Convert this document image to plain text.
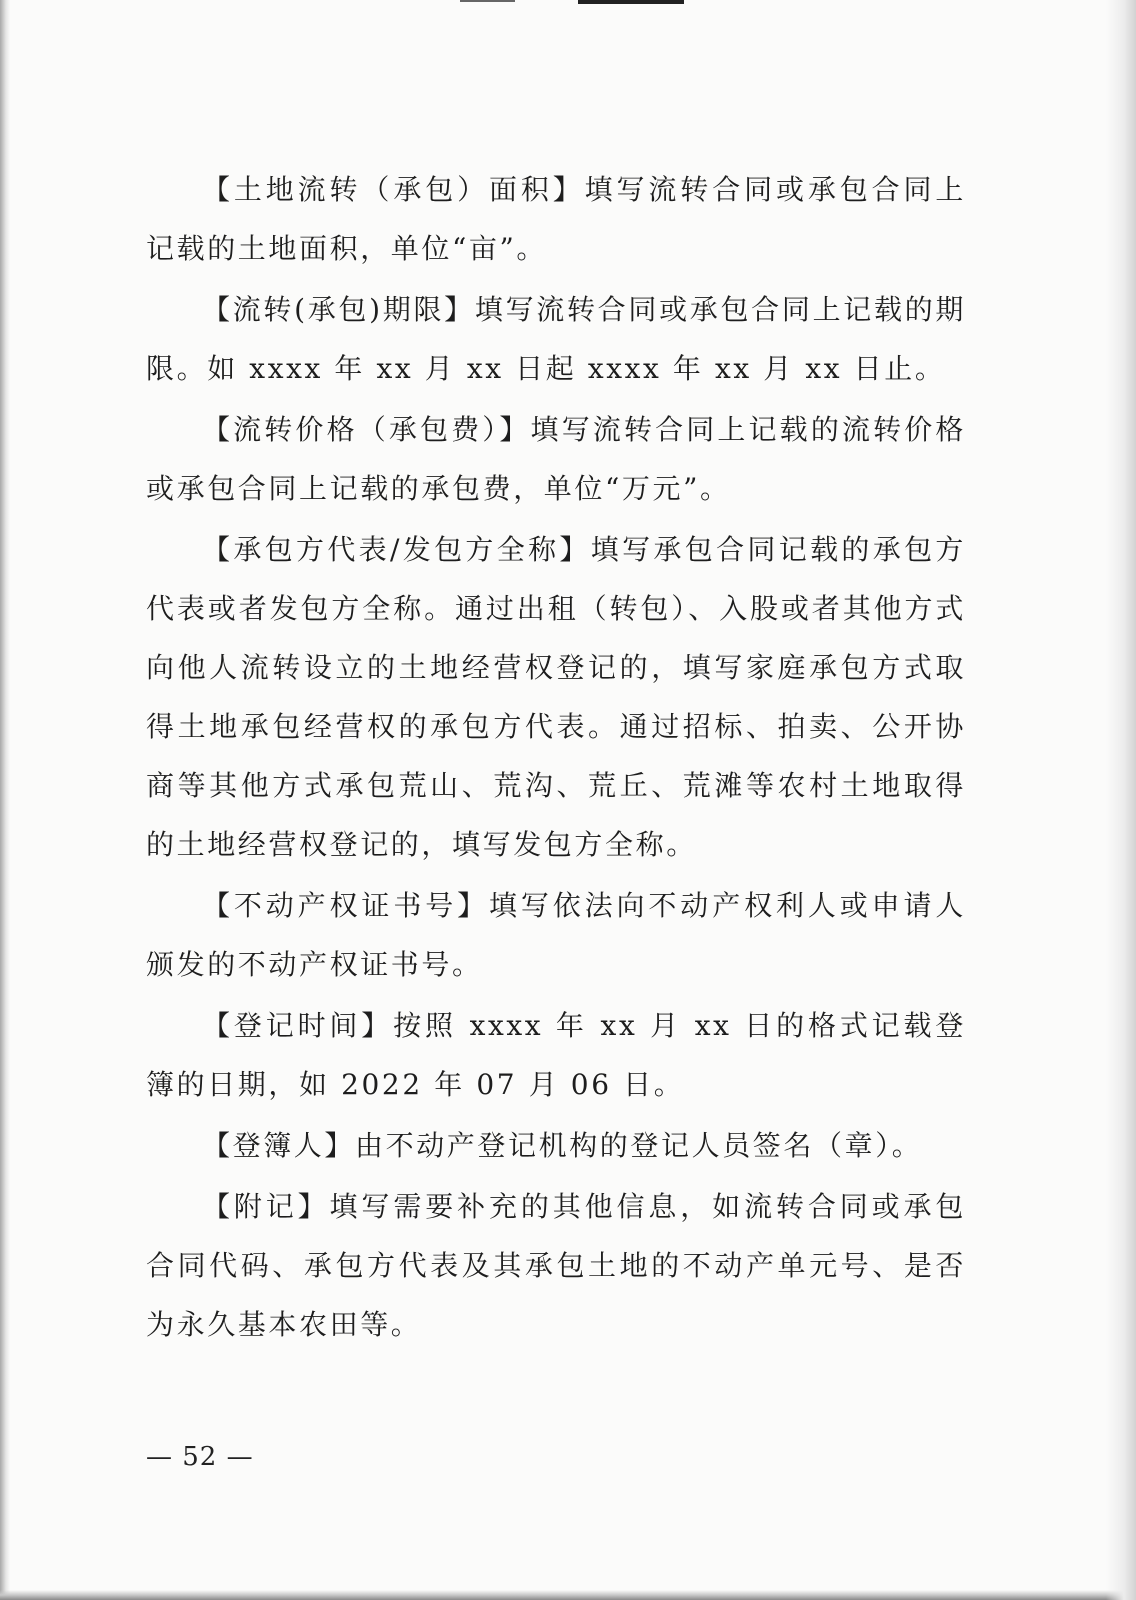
【土地流转（承包）面积】填写流转合同或承包合同上记载的土地面积，单位“亩”。

【流转(承包)期限】填写流转合同或承包合同上记载的期限。如 xxxx 年 xx 月 xx 日起 xxxx 年 xx 月 xx 日止。

【流转价格（承包费）】填写流转合同上记载的流转价格或承包合同上记载的承包费，单位“万元”。

【承包方代表/发包方全称】填写承包合同记载的承包方代表或者发包方全称。通过出租（转包）、入股或者其他方式向他人流转设立的土地经营权登记的，填写家庭承包方式取得土地承包经营权的承包方代表。通过招标、拍卖、公开协商等其他方式承包荒山、荒沟、荒丘、荒滩等农村土地取得的土地经营权登记的，填写发包方全称。

【不动产权证书号】填写依法向不动产权利人或申请人颁发的不动产权证书号。

【登记时间】按照 xxxx 年 xx 月 xx 日的格式记载登簿的日期，如 2022 年 07 月 06 日。

【登簿人】由不动产登记机构的登记人员签名（章）。

【附记】填写需要补充的其他信息，如流转合同或承包合同代码、承包方代表及其承包土地的不动产单元号、是否为永久基本农田等。

— 52 —
